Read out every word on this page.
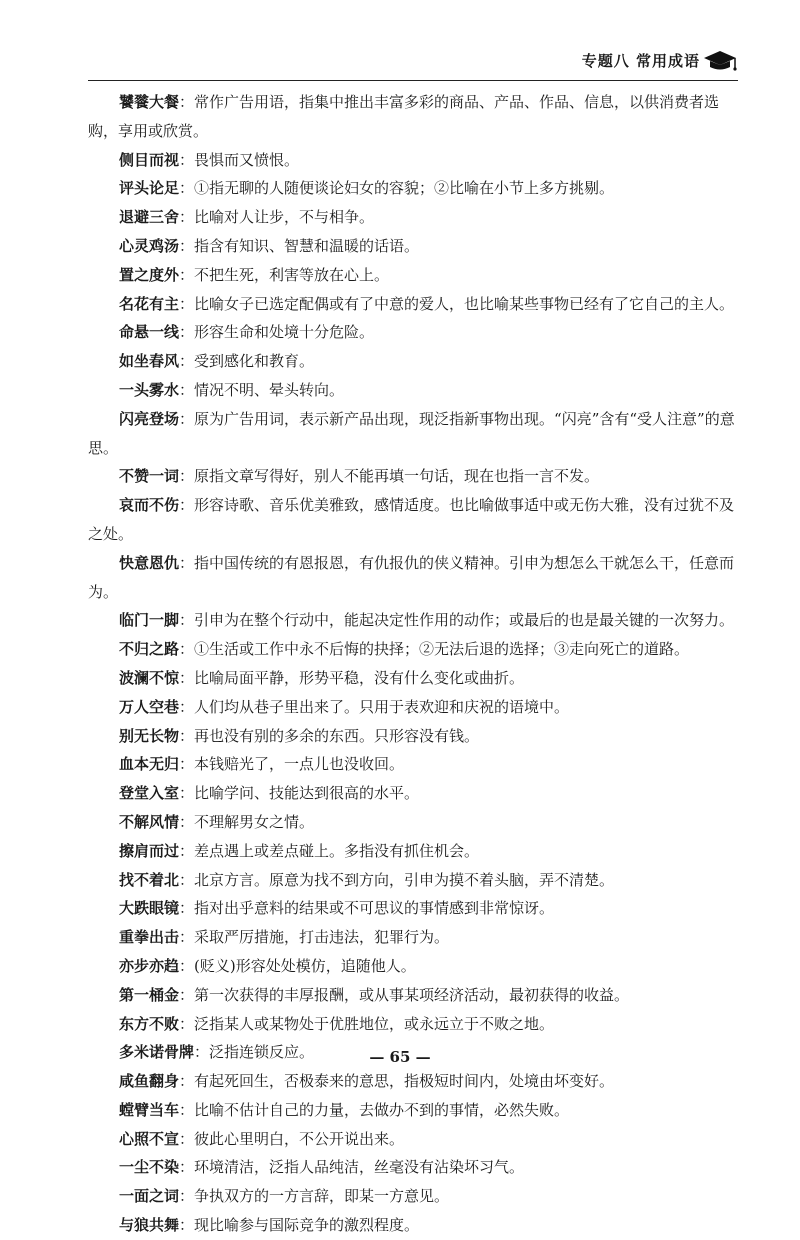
专题八 常用成语

饕餮大餐：常作广告用语，指集中推出丰富多彩的商品、产品、作品、信息，以供消费者选购，享用或欣赏。

侧目而视：畏惧而又愤恨。

评头论足：①指无聊的人随便谈论妇女的容貌；②比喻在小节上多方挑剔。

退避三舍：比喻对人让步，不与相争。

心灵鸡汤：指含有知识、智慧和温暖的话语。

置之度外：不把生死，利害等放在心上。

名花有主：比喻女子已选定配偶或有了中意的爱人，也比喻某些事物已经有了它自己的主人。

命悬一线：形容生命和处境十分危险。

如坐春风：受到感化和教育。

一头雾水：情况不明、晕头转向。

闪亮登场：原为广告用词，表示新产品出现，现泛指新事物出现。“闪亮”含有“受人注意”的意思。

不赞一词：原指文章写得好，别人不能再填一句话，现在也指一言不发。

哀而不伤：形容诗歌、音乐优美雅致，感情适度。也比喻做事适中或无伤大雅，没有过犹不及之处。

快意恩仇：指中国传统的有恩报恩，有仇报仇的侠义精神。引申为想怎么干就怎么干，任意而为。

临门一脚：引申为在整个行动中，能起决定性作用的动作；或最后的也是最关键的一次努力。

不归之路：①生活或工作中永不后悔的抉择；②无法后退的选择；③走向死亡的道路。

波澜不惊：比喻局面平静，形势平稳，没有什么变化或曲折。

万人空巷：人们均从巷子里出来了。只用于表欢迎和庆祝的语境中。

别无长物：再也没有别的多余的东西。只形容没有钱。

血本无归：本钱赔光了，一点儿也没收回。

登堂入室：比喻学问、技能达到很高的水平。

不解风情：不理解男女之情。

擦肩而过：差点遇上或差点碰上。多指没有抓住机会。

找不着北：北京方言。原意为找不到方向，引申为摸不着头脑，弄不清楚。

大跌眼镜：指对出乎意料的结果或不可思议的事情感到非常惊讶。

重拳出击：采取严厉措施，打击违法，犯罪行为。

亦步亦趋：(贬义)形容处处模仿，追随他人。

第一桶金：第一次获得的丰厚报酬，或从事某项经济活动，最初获得的收益。

东方不败：泛指某人或某物处于优胜地位，或永远立于不败之地。

多米诺骨牌：泛指连锁反应。

咸鱼翻身：有起死回生，否极泰来的意思，指极短时间内，处境由坏变好。

螳臂当车：比喻不估计自己的力量，去做办不到的事情，必然失败。

心照不宣：彼此心里明白，不公开说出来。

一尘不染：环境清洁，泛指人品纯洁，丝毫没有沾染坏习气。

一面之词：争执双方的一方言辞，即某一方意见。

与狼共舞：现比喻参与国际竞争的激烈程度。

— 65 —
